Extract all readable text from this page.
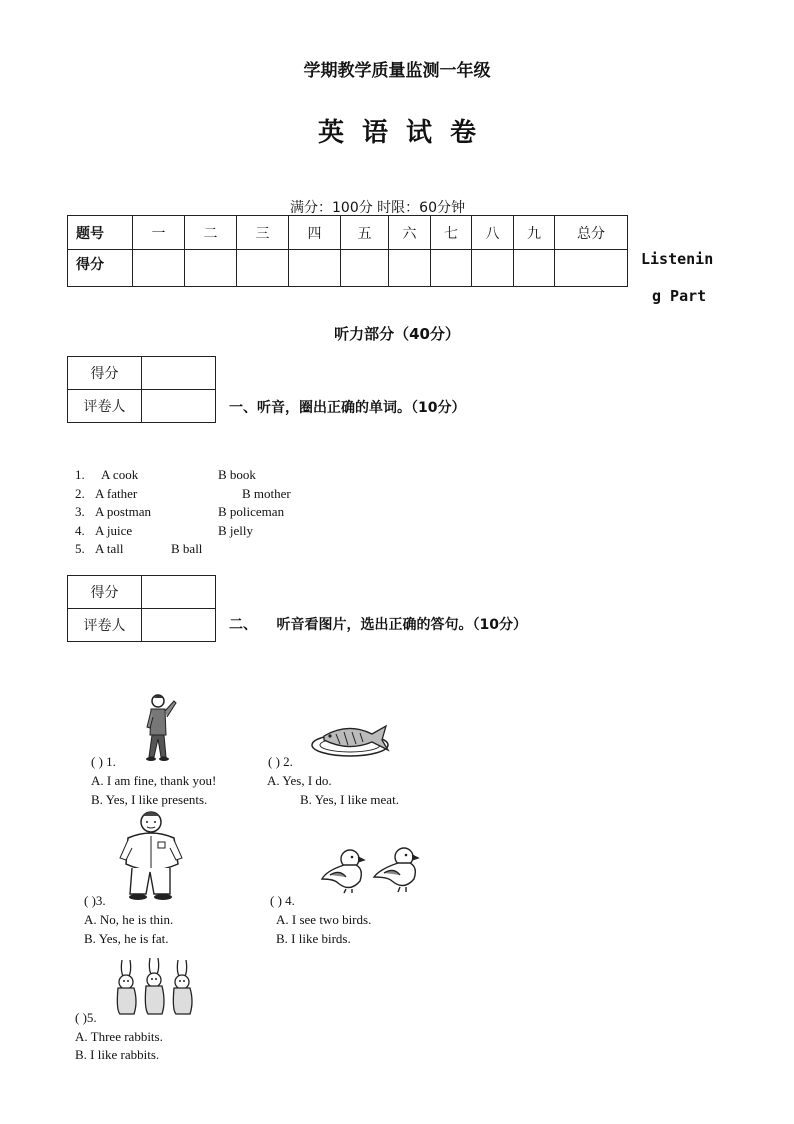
学期教学质量监测一年级
英语试卷
满分：100分 时限：60分钟
题号	一	二	三	四	五	六	七	八	九	总分
得分											Listenin
g Part
听力部分（40分）
得分	
评卷人		一、听音，圈出正确的单词。（10分）
1. A cook	B book
2. A father	B mother
3. A postman	B policeman
4. A juice	B jelly
5. A tall	B ball
得分	
评卷人		二、    听音看图片，选出正确的答句。（10分）
( ) 1.
A. I am fine, thank you!
B. Yes, I like presents.
( ) 2.
A. Yes, I do.
B. Yes, I like meat.
( )3.
A. No, he is thin.
B. Yes, he is fat.
( ) 4.
A. I see two birds.
B. I like birds.
( )5.
A. Three rabbits.
B. I like rabbits.
